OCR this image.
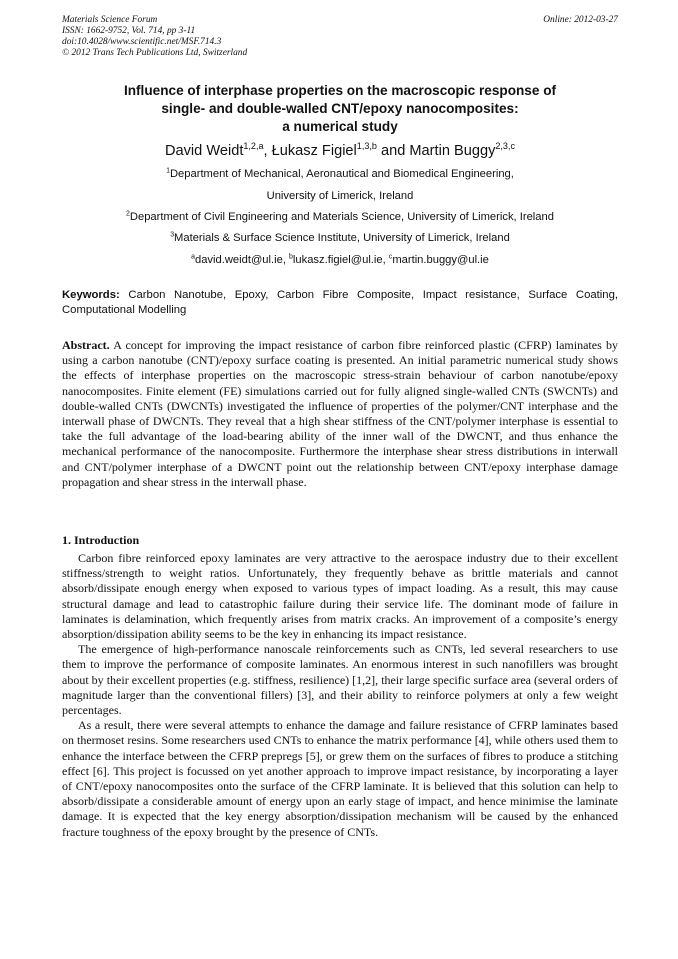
Materials Science Forum
ISSN: 1662-9752, Vol. 714, pp 3-11
doi:10.4028/www.scientific.net/MSF.714.3
© 2012 Trans Tech Publications Ltd, Switzerland
Online: 2012-03-27
Influence of interphase properties on the macroscopic response of
single- and double-walled CNT/epoxy nanocomposites:
a numerical study
David Weidt$^{1,2,a}$, Łukasz Figiel$^{1,3,b}$ and Martin Buggy$^{2,3,c}$
$^1$Department of Mechanical, Aeronautical and Biomedical Engineering,
University of Limerick, Ireland
$^2$Department of Civil Engineering and Materials Science, University of Limerick, Ireland
$^3$Materials & Surface Science Institute, University of Limerick, Ireland
$^a$david.weidt@ul.ie, $^b$lukasz.figiel@ul.ie, $^c$martin.buggy@ul.ie
Keywords: Carbon Nanotube, Epoxy, Carbon Fibre Composite, Impact resistance, Surface Coating, Computational Modelling
Abstract. A concept for improving the impact resistance of carbon fibre reinforced plastic (CFRP) laminates by using a carbon nanotube (CNT)/epoxy surface coating is presented. An initial parametric numerical study shows the effects of interphase properties on the macroscopic stress-strain behaviour of carbon nanotube/epoxy nanocomposites. Finite element (FE) simulations carried out for fully aligned single-walled CNTs (SWCNTs) and double-walled CNTs (DWCNTs) investigated the influence of properties of the polymer/CNT interphase and the interwall phase of DWCNTs. They reveal that a high shear stiffness of the CNT/polymer interphase is essential to take the full advantage of the load-bearing ability of the inner wall of the DWCNT, and thus enhance the mechanical performance of the nanocomposite. Furthermore the interphase shear stress distributions in interwall and CNT/polymer interphase of a DWCNT point out the relationship between CNT/epoxy interphase damage propagation and shear stress in the interwall phase.
1. Introduction

Carbon fibre reinforced epoxy laminates are very attractive to the aerospace industry due to their excellent stiffness/strength to weight ratios. Unfortunately, they frequently behave as brittle materials and cannot absorb/dissipate enough energy when exposed to various types of impact loading. As a result, this may cause structural damage and lead to catastrophic failure during their service life. The dominant mode of failure in laminates is delamination, which frequently arises from matrix cracks. An improvement of a composite’s energy absorption/dissipation ability seems to be the key in enhancing its impact resistance.

The emergence of high-performance nanoscale reinforcements such as CNTs, led several researchers to use them to improve the performance of composite laminates. An enormous interest in such nanofillers was brought about by their excellent properties (e.g. stiffness, resilience) [1,2], their large specific surface area (several orders of magnitude larger than the conventional fillers) [3], and their ability to reinforce polymers at only a few weight percentages.

As a result, there were several attempts to enhance the damage and failure resistance of CFRP laminates based on thermoset resins. Some researchers used CNTs to enhance the matrix performance [4], while others used them to enhance the interface between the CFRP prepregs [5], or grew them on the surfaces of fibres to produce a stitching effect [6]. This project is focussed on yet another approach to improve impact resistance, by incorporating a layer of CNT/epoxy nanocomposites onto the surface of the CFRP laminate. It is believed that this solution can help to absorb/dissipate a considerable amount of energy upon an early stage of impact, and hence minimise the laminate damage. It is expected that the key energy absorption/dissipation mechanism will be caused by the enhanced fracture toughness of the epoxy brought by the presence of CNTs.
